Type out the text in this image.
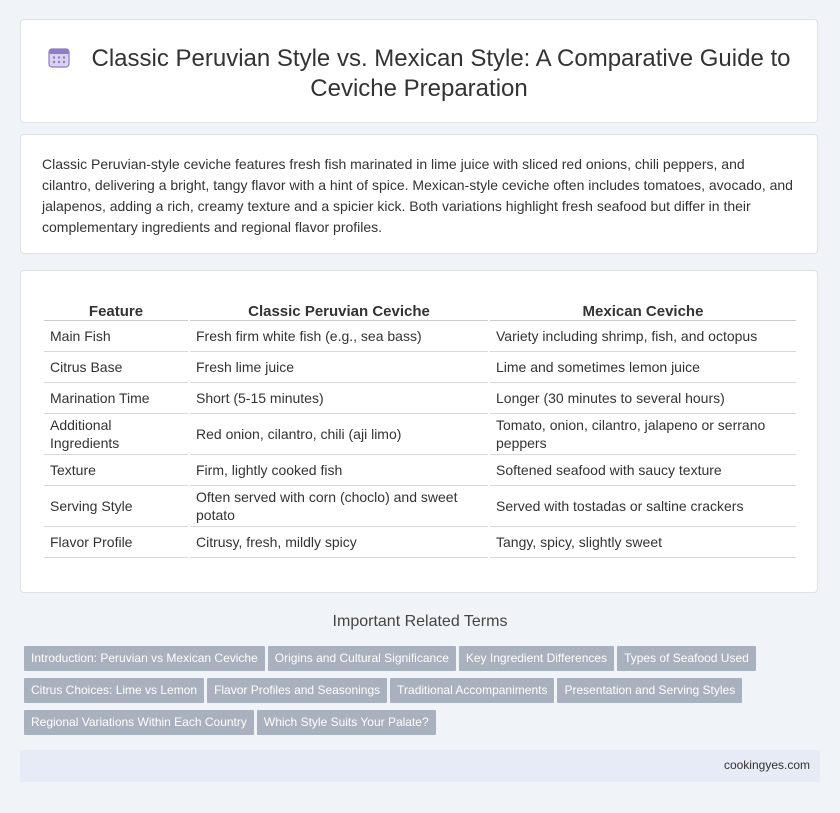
Classic Peruvian Style vs. Mexican Style: A Comparative Guide to
Ceviche Preparation
Classic Peruvian-style ceviche features fresh fish marinated in lime juice with sliced red onions, chili peppers, and cilantro, delivering a bright, tangy flavor with a hint of spice. Mexican-style ceviche often includes tomatoes, avocado, and jalapenos, adding a rich, creamy texture and a spicier kick. Both variations highlight fresh seafood but differ in their complementary ingredients and regional flavor profiles.
Feature	Classic Peruvian Ceviche	Mexican Ceviche
Main Fish	Fresh firm white fish (e.g., sea bass)	Variety including shrimp, fish, and octopus
Citrus Base	Fresh lime juice	Lime and sometimes lemon juice
Marination Time	Short (5-15 minutes)	Longer (30 minutes to several hours)
Additional Ingredients	Red onion, cilantro, chili (aji limo)	Tomato, onion, cilantro, jalapeno or serrano peppers
Texture	Firm, lightly cooked fish	Softened seafood with saucy texture
Serving Style	Often served with corn (choclo) and sweet potato	Served with tostadas or saltine crackers
Flavor Profile	Citrusy, fresh, mildly spicy	Tangy, spicy, slightly sweet
Important Related Terms
Introduction: Peruvian vs Mexican Ceviche Origins and Cultural Significance Key Ingredient Differences Types of Seafood Used
Citrus Choices: Lime vs Lemon Flavor Profiles and Seasonings Traditional Accompaniments Presentation and Serving Styles
Regional Variations Within Each Country Which Style Suits Your Palate?
cookingyes.com
